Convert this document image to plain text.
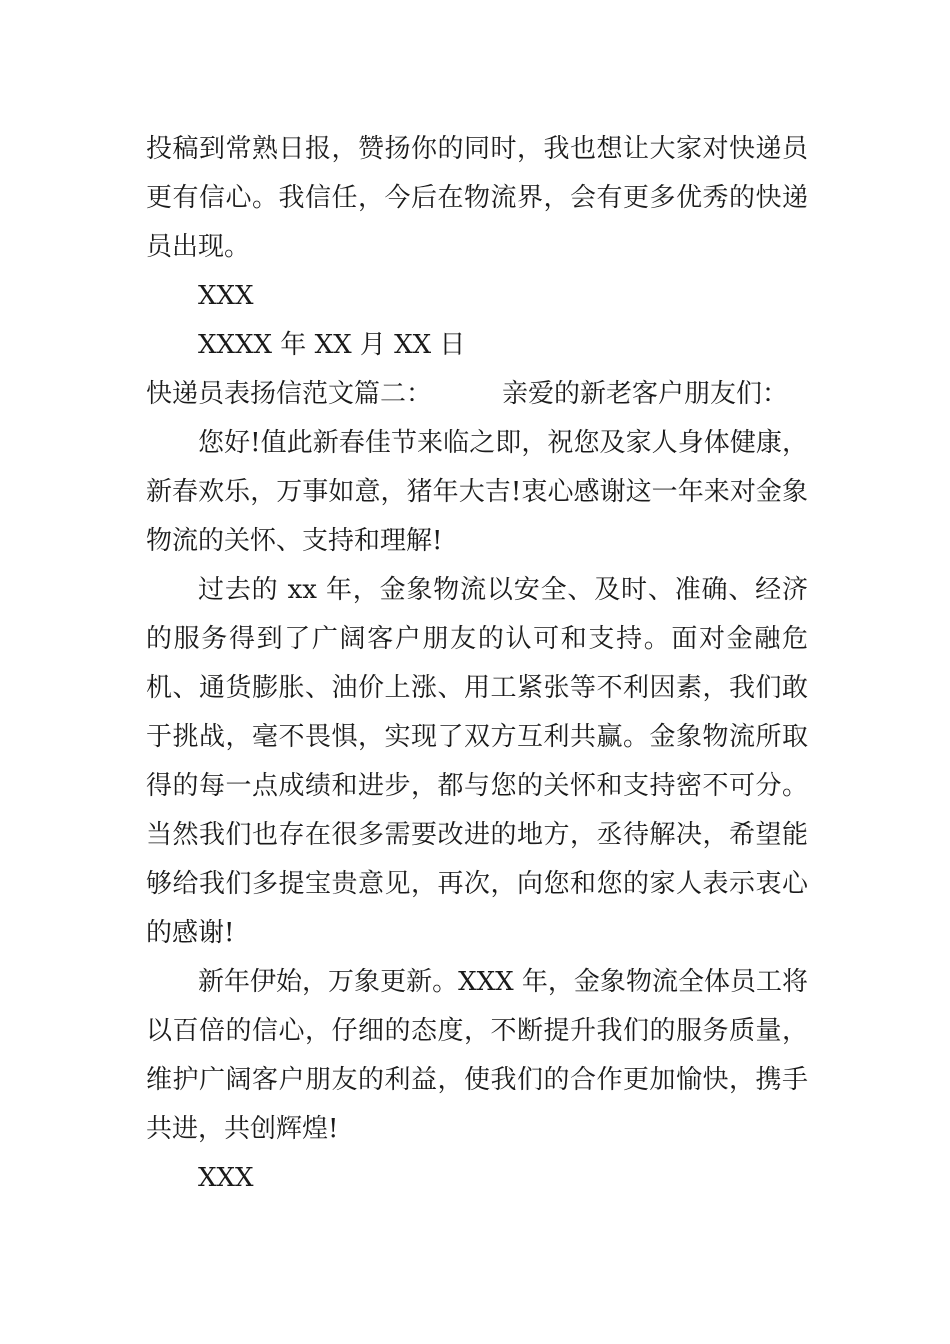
投稿到常熟日报，赞扬你的同时，我也想让大家对快递员更有信心。我信任，今后在物流界，会有更多优秀的快递员出现。

XXX

XXXX 年 XX 月 XX 日

快递员表扬信范文篇二：	亲爱的新老客户朋友们：

您好!值此新春佳节来临之即，祝您及家人身体健康，新春欢乐，万事如意，猪年大吉!衷心感谢这一年来对金象物流的关怀、支持和理解!

过去的 xx 年，金象物流以安全、及时、准确、经济的服务得到了广阔客户朋友的认可和支持。面对金融危机、通货膨胀、油价上涨、用工紧张等不利因素，我们敢于挑战，毫不畏惧，实现了双方互利共赢。金象物流所取得的每一点成绩和进步，都与您的关怀和支持密不可分。当然我们也存在很多需要改进的地方，丞待解决，希望能够给我们多提宝贵意见，再次，向您和您的家人表示衷心的感谢!

新年伊始，万象更新。XXX 年，金象物流全体员工将以百倍的信心，仔细的态度，不断提升我们的服务质量，维护广阔客户朋友的利益，使我们的合作更加愉快，携手共进，共创辉煌!

XXX
